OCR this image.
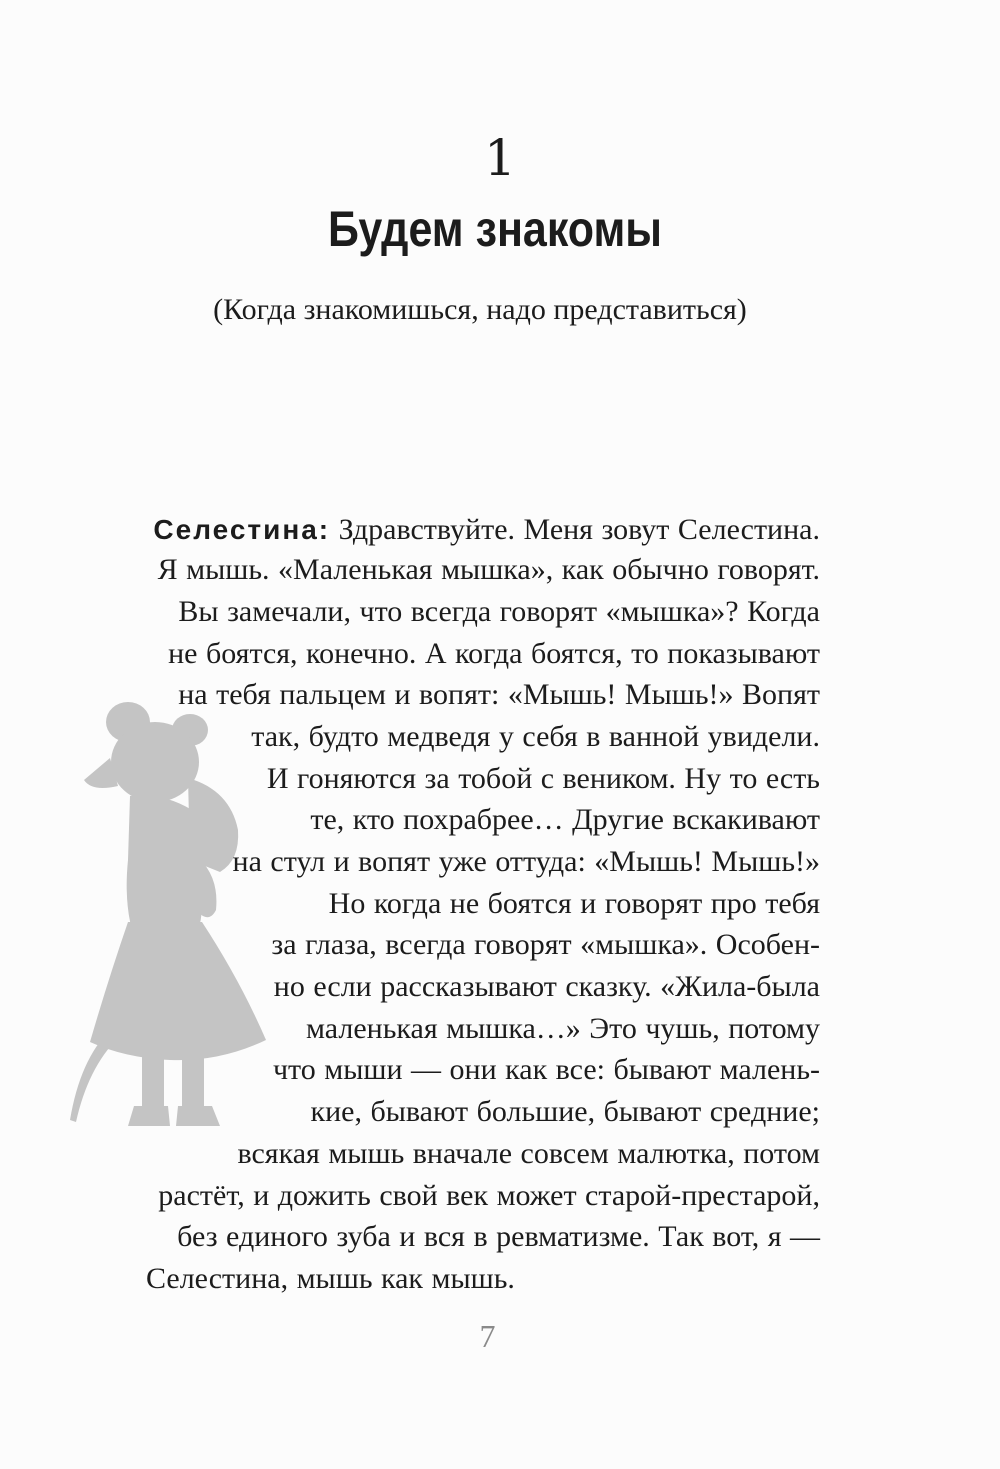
1
Будем знакомы
(Когда знакомишься, надо представиться)
Селестина: Здравствуйте. Меня зовут Селестина.
Я мышь. «Маленькая мышка», как обычно говорят.
Вы замечали, что всегда говорят «мышка»? Когда
не боятся, конечно. А когда боятся, то показывают
на тебя пальцем и вопят: «Мышь! Мышь!» Вопят
так, будто медведя у себя в ванной увидели.
И гоняются за тобой с веником. Ну то есть
те, кто похрабрее… Другие вскакивают
на стул и вопят уже оттуда: «Мышь! Мышь!»
Но когда не боятся и говорят про тебя
за глаза, всегда говорят «мышка». Особен-
но если рассказывают сказку. «Жила-была
маленькая мышка…» Это чушь, потому
что мыши — они как все: бывают малень-
кие, бывают большие, бывают средние;
всякая мышь вначале совсем малютка, потом
растёт, и дожить свой век может старой-престарой,
без единого зуба и вся в ревматизме. Так вот, я —
Селестина, мышь как мышь.
7
